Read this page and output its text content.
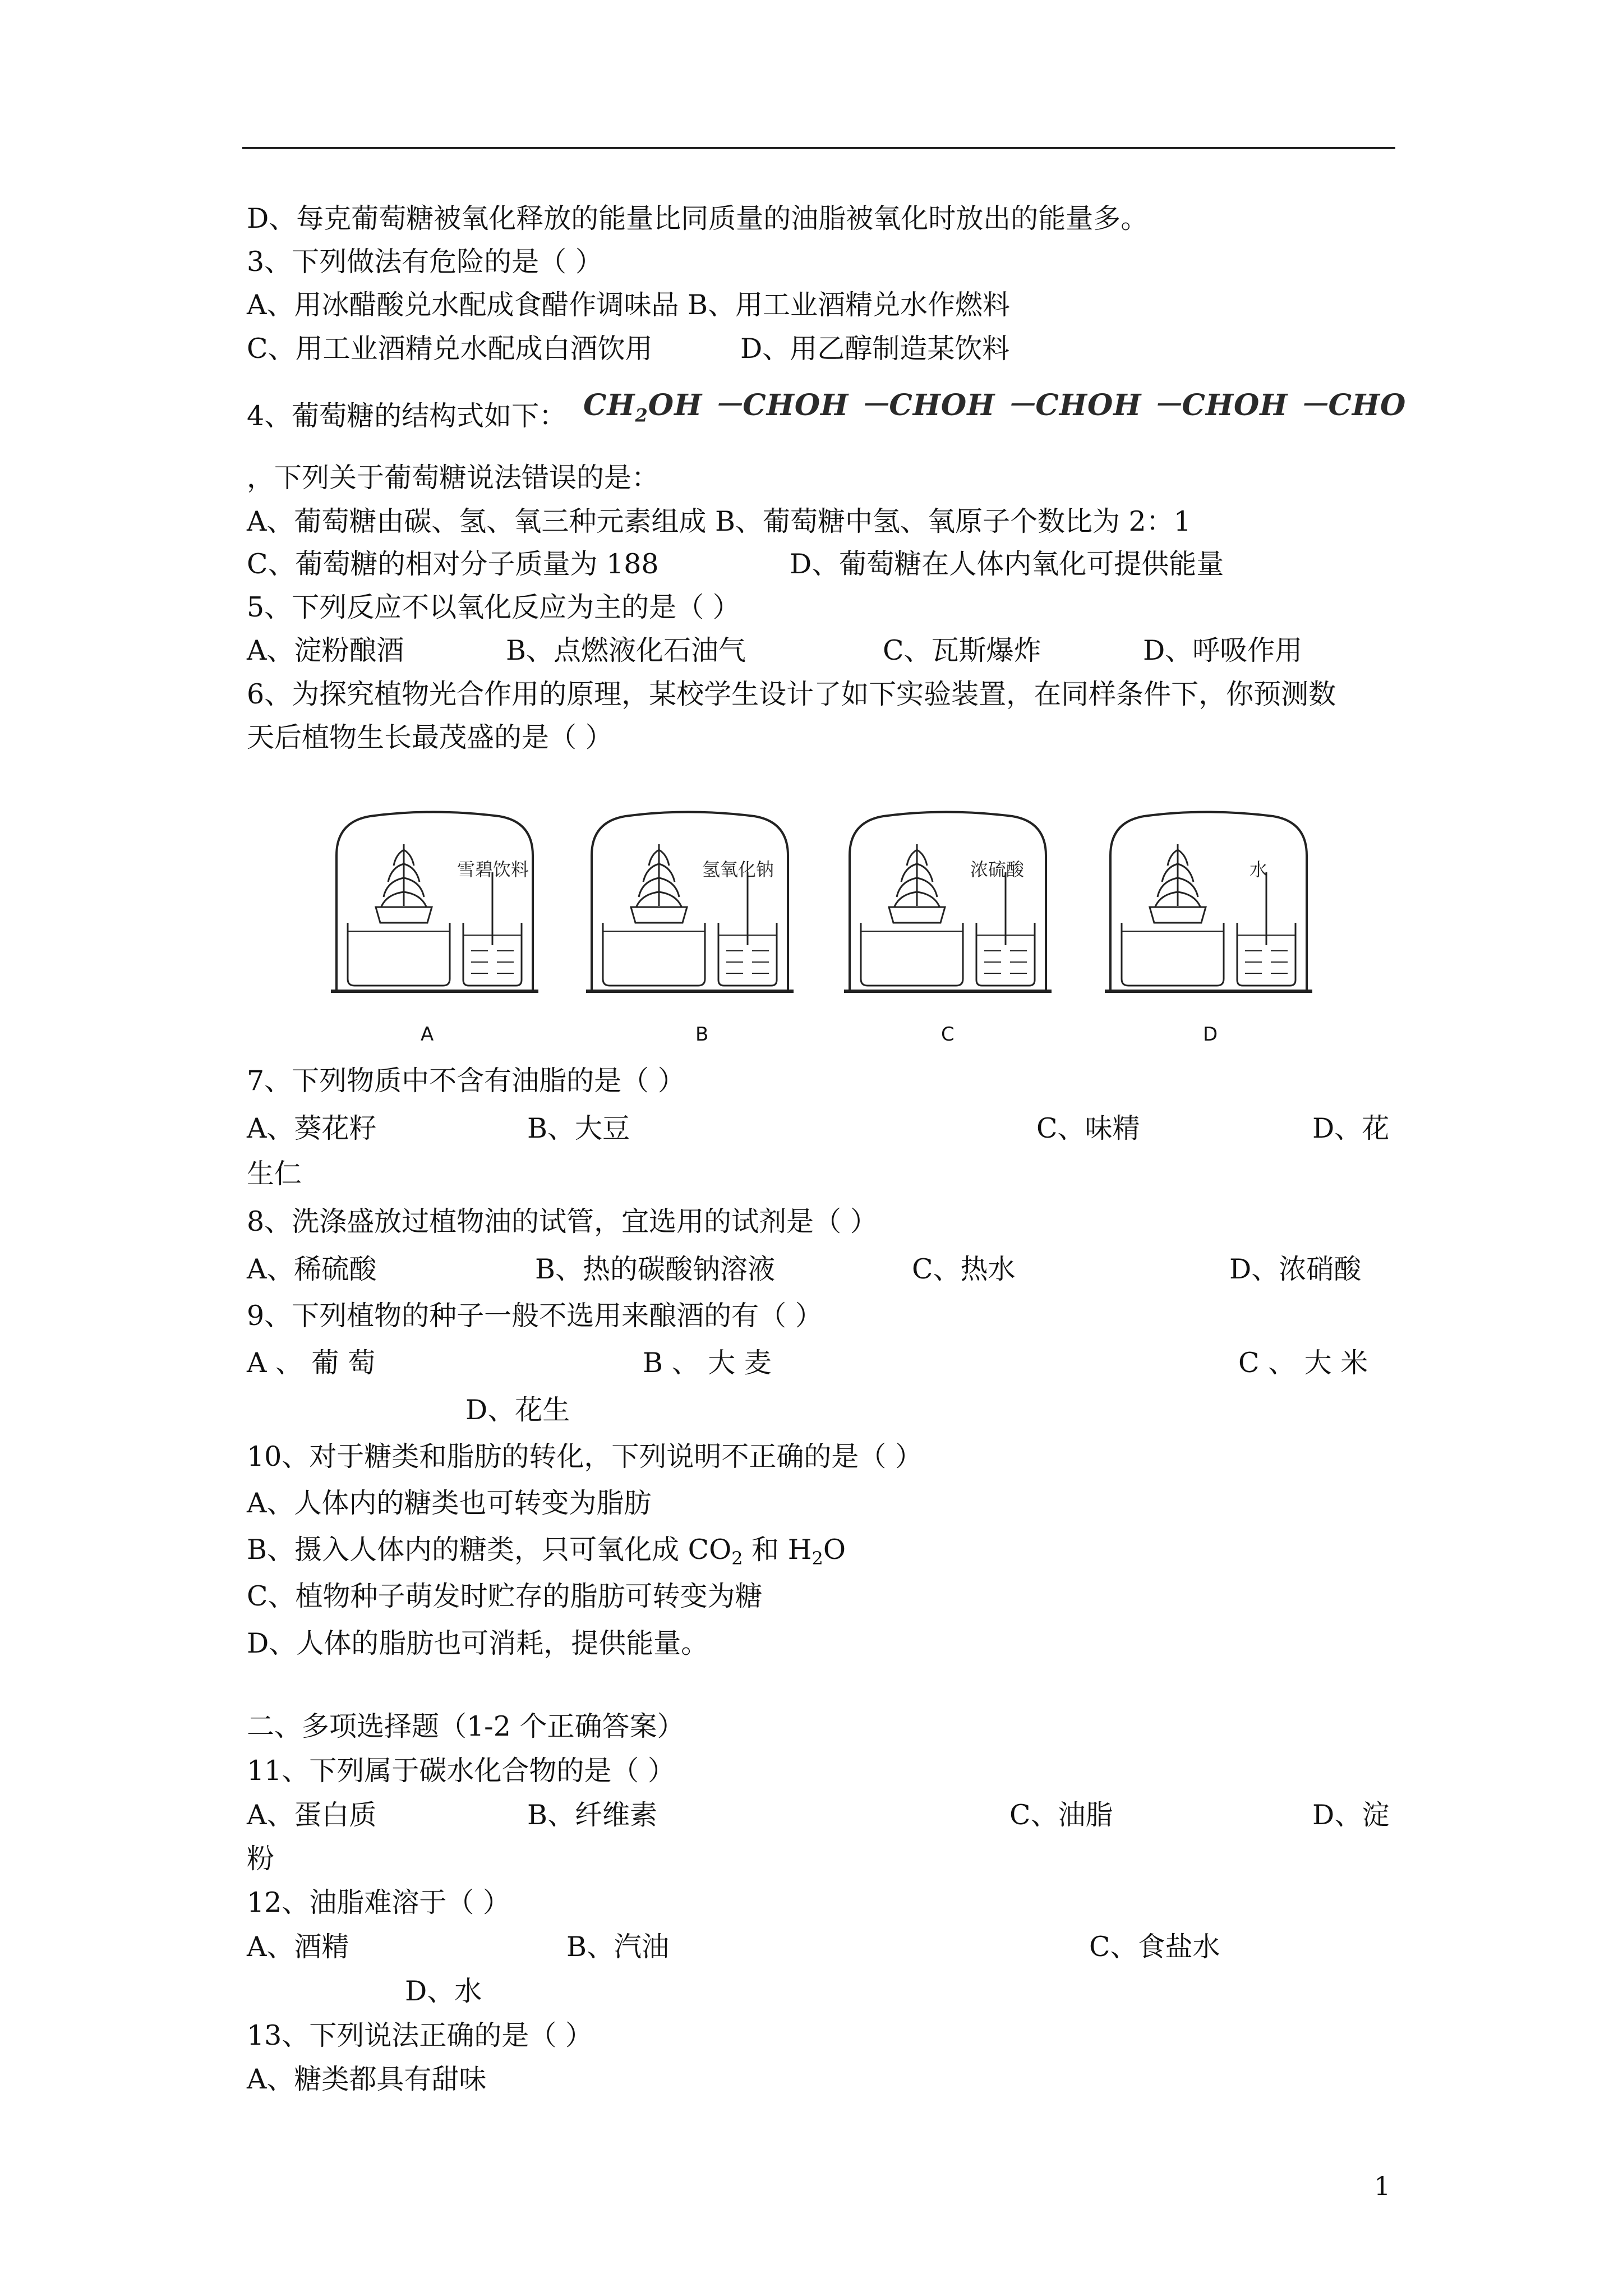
D、每克葡萄糖被氧化释放的能量比同质量的油脂被氧化时放出的能量多。
3、下列做法有危险的是（ ）
A、用冰醋酸兑水配成食醋作调味品 B、用工业酒精兑水作燃料
C、用工业酒精兑水配成白酒饮用	D、用乙醇制造某饮料
4、葡萄糖的结构式如下： $CH_2OH$ －CHOH －CHOH －CHOH －CHOH －CHO
，下列关于葡萄糖说法错误的是：
A、葡萄糖由碳、氢、氧三种元素组成 B、葡萄糖中氢、氧原子个数比为 2：1
C、葡萄糖的相对分子质量为 188	D、葡萄糖在人体内氧化可提供能量
5、下列反应不以氧化反应为主的是（ ）
A、淀粉酿酒	B、点燃液化石油气	C、瓦斯爆炸	D、呼吸作用
6、为探究植物光合作用的原理，某校学生设计了如下实验装置，在同样条件下，你预测数
天后植物生长最茂盛的是（ ）
雪碧饮料
A
氢氧化钠
B
浓硫酸
C
水
D
7、下列物质中不含有油脂的是（ ）
A、葵花籽	B、大豆	C、味精	D、花
生仁
8、洗涤盛放过植物油的试管，宜选用的试剂是（ ）
A、稀硫酸	B、热的碳酸钠溶液	C、热水	D、浓硝酸
9、下列植物的种子一般不选用来酿酒的有（ ）
A 、 葡 萄	B 、 大 麦	C 、 大 米
D、花生
10、对于糖类和脂肪的转化，下列说明不正确的是（ ）
A、人体内的糖类也可转变为脂肪
B、摄入人体内的糖类，只可氧化成 $CO_2$ 和 $H_2O$
C、植物种子萌发时贮存的脂肪可转变为糖
D、人体的脂肪也可消耗，提供能量。
二、多项选择题（1-2 个正确答案）
11、下列属于碳水化合物的是（ ）
A、蛋白质	B、纤维素	C、油脂	D、淀
粉
12、油脂难溶于（ ）
A、酒精	B、汽油	C、食盐水
D、水
13、下列说法正确的是（ ）
A、糖类都具有甜味
1
